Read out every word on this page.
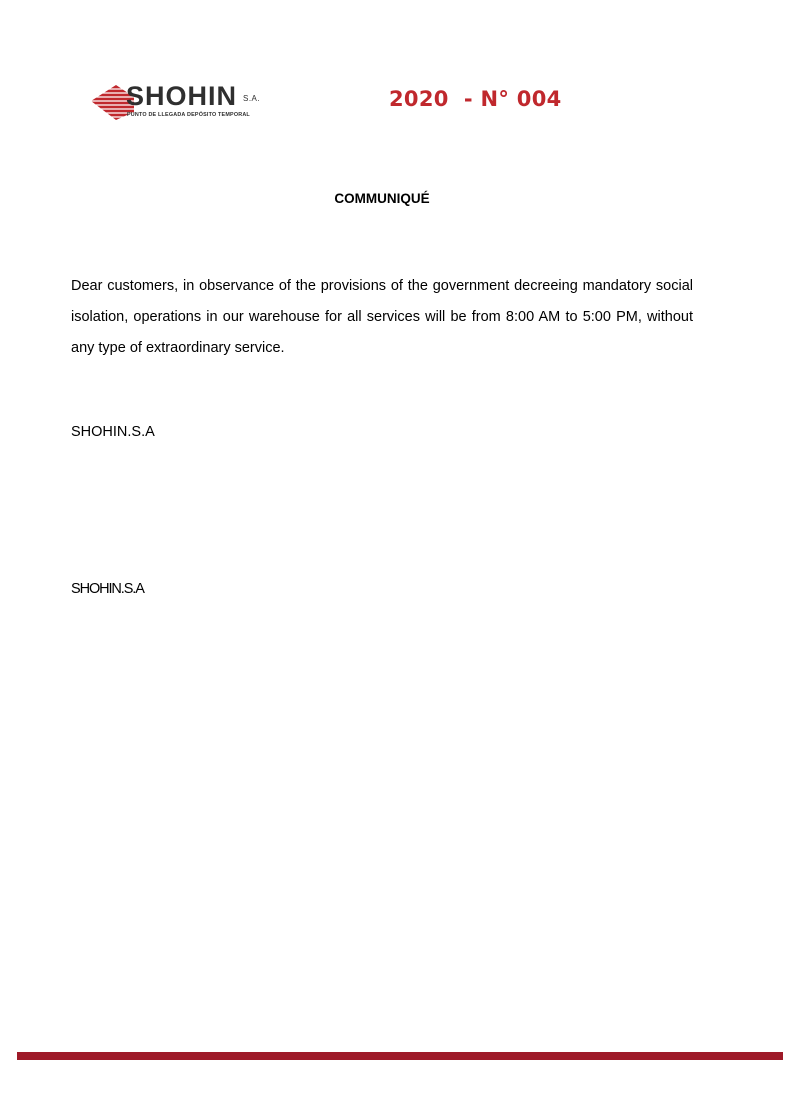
SHOHIN S.A.
PUNTO DE LLEGADA DEPÓSITO TEMPORAL
2020  - N° 004
COMMUNIQUÉ

Dear customers, in observance of the provisions of the government decreeing mandatory social isolation, operations in our warehouse for all services will be from 8:00 AM to 5:00 PM, without any type of extraordinary service.

SHOHIN.S.A
SHOHIN.S.A
